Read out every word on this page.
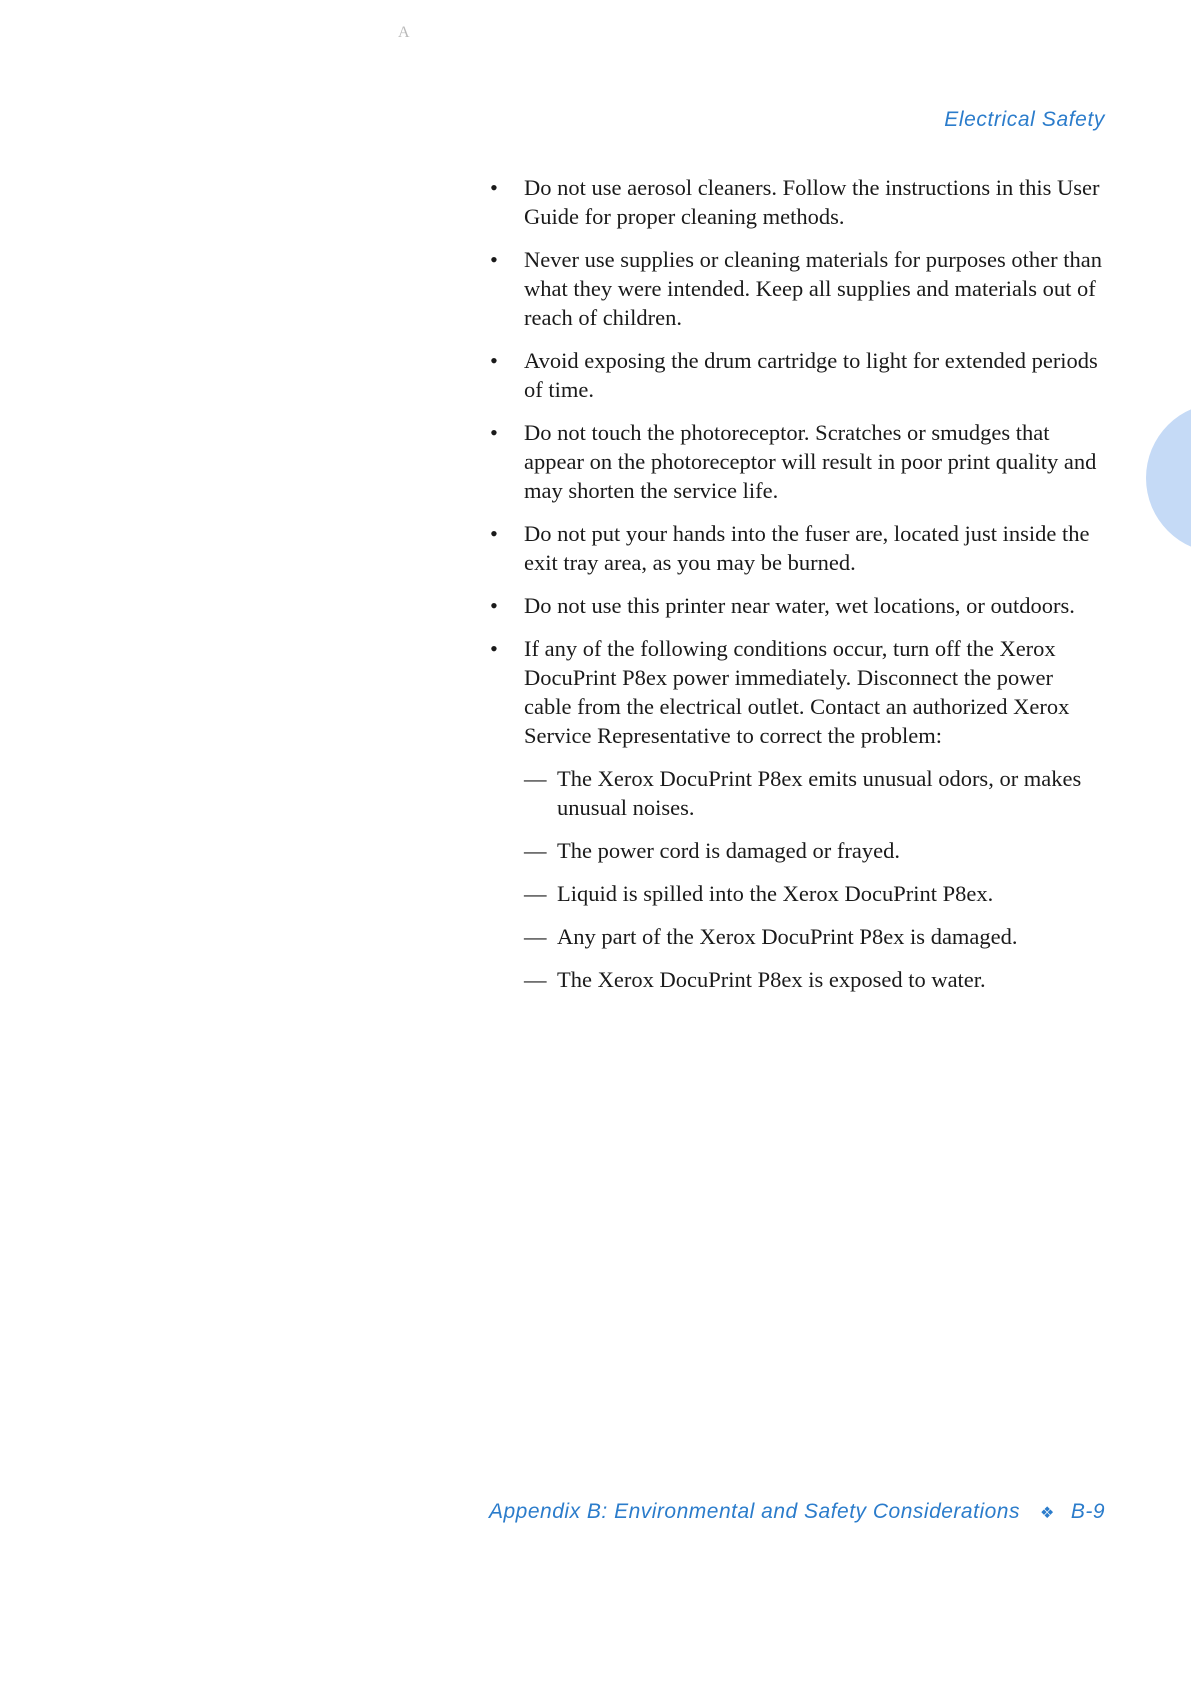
A
Electrical Safety
• Do not use aerosol cleaners. Follow the instructions in this User Guide for proper cleaning methods.
• Never use supplies or cleaning materials for purposes other than what they were intended. Keep all supplies and materials out of reach of children.
• Avoid exposing the drum cartridge to light for extended periods of time.
• Do not touch the photoreceptor. Scratches or smudges that appear on the photoreceptor will result in poor print quality and may shorten the service life.
• Do not put your hands into the fuser are, located just inside the exit tray area, as you may be burned.
• Do not use this printer near water, wet locations, or outdoors.
• If any of the following conditions occur, turn off the Xerox DocuPrint P8ex power immediately. Disconnect the power cable from the electrical outlet. Contact an authorized Xerox Service Representative to correct the problem:
— The Xerox DocuPrint P8ex emits unusual odors, or makes unusual noises.
— The power cord is damaged or frayed.
— Liquid is spilled into the Xerox DocuPrint P8ex.
— Any part of the Xerox DocuPrint P8ex is damaged.
— The Xerox DocuPrint P8ex is exposed to water.
Appendix B: Environmental and Safety Considerations ❖ B-9
